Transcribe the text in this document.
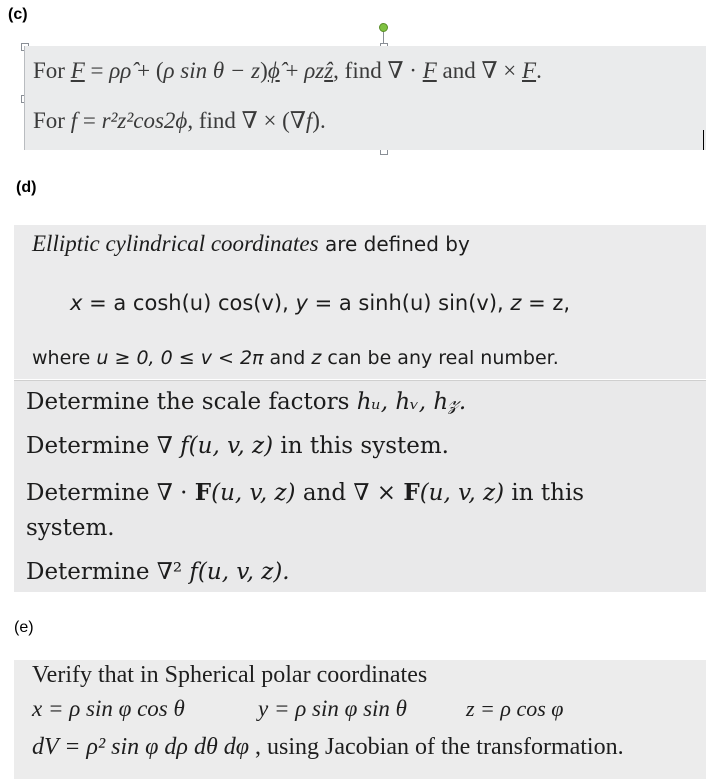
(c)
(d)
(e)
For F = ρρ̂ + (ρ sin θ − z)ϕ̂ + ρzẑ, find ∇ · F and ∇ × F.
For f = r²z²cos2ϕ, find ∇ × (∇f).
Elliptic cylindrical coordinates are defined by
x = a cosh(u) cos(v), y = a sinh(u) sin(v), z = z,
where u ≥ 0, 0 ≤ v < 2π and z can be any real number.
Determine the scale factors hᵤ, hᵥ, h𝓏.
Determine ∇ f(u, v, z) in this system.
Determine ∇ · F(u, v, z) and ∇ × F(u, v, z) in this
system.
Determine ∇² f(u, v, z).
Verify that in Spherical polar coordinates
x = ρ sin φ cos θ	y = ρ sin φ sin θ	z = ρ cos φ
dV = ρ² sin φ dρ dθ dφ , using Jacobian of the transformation.
